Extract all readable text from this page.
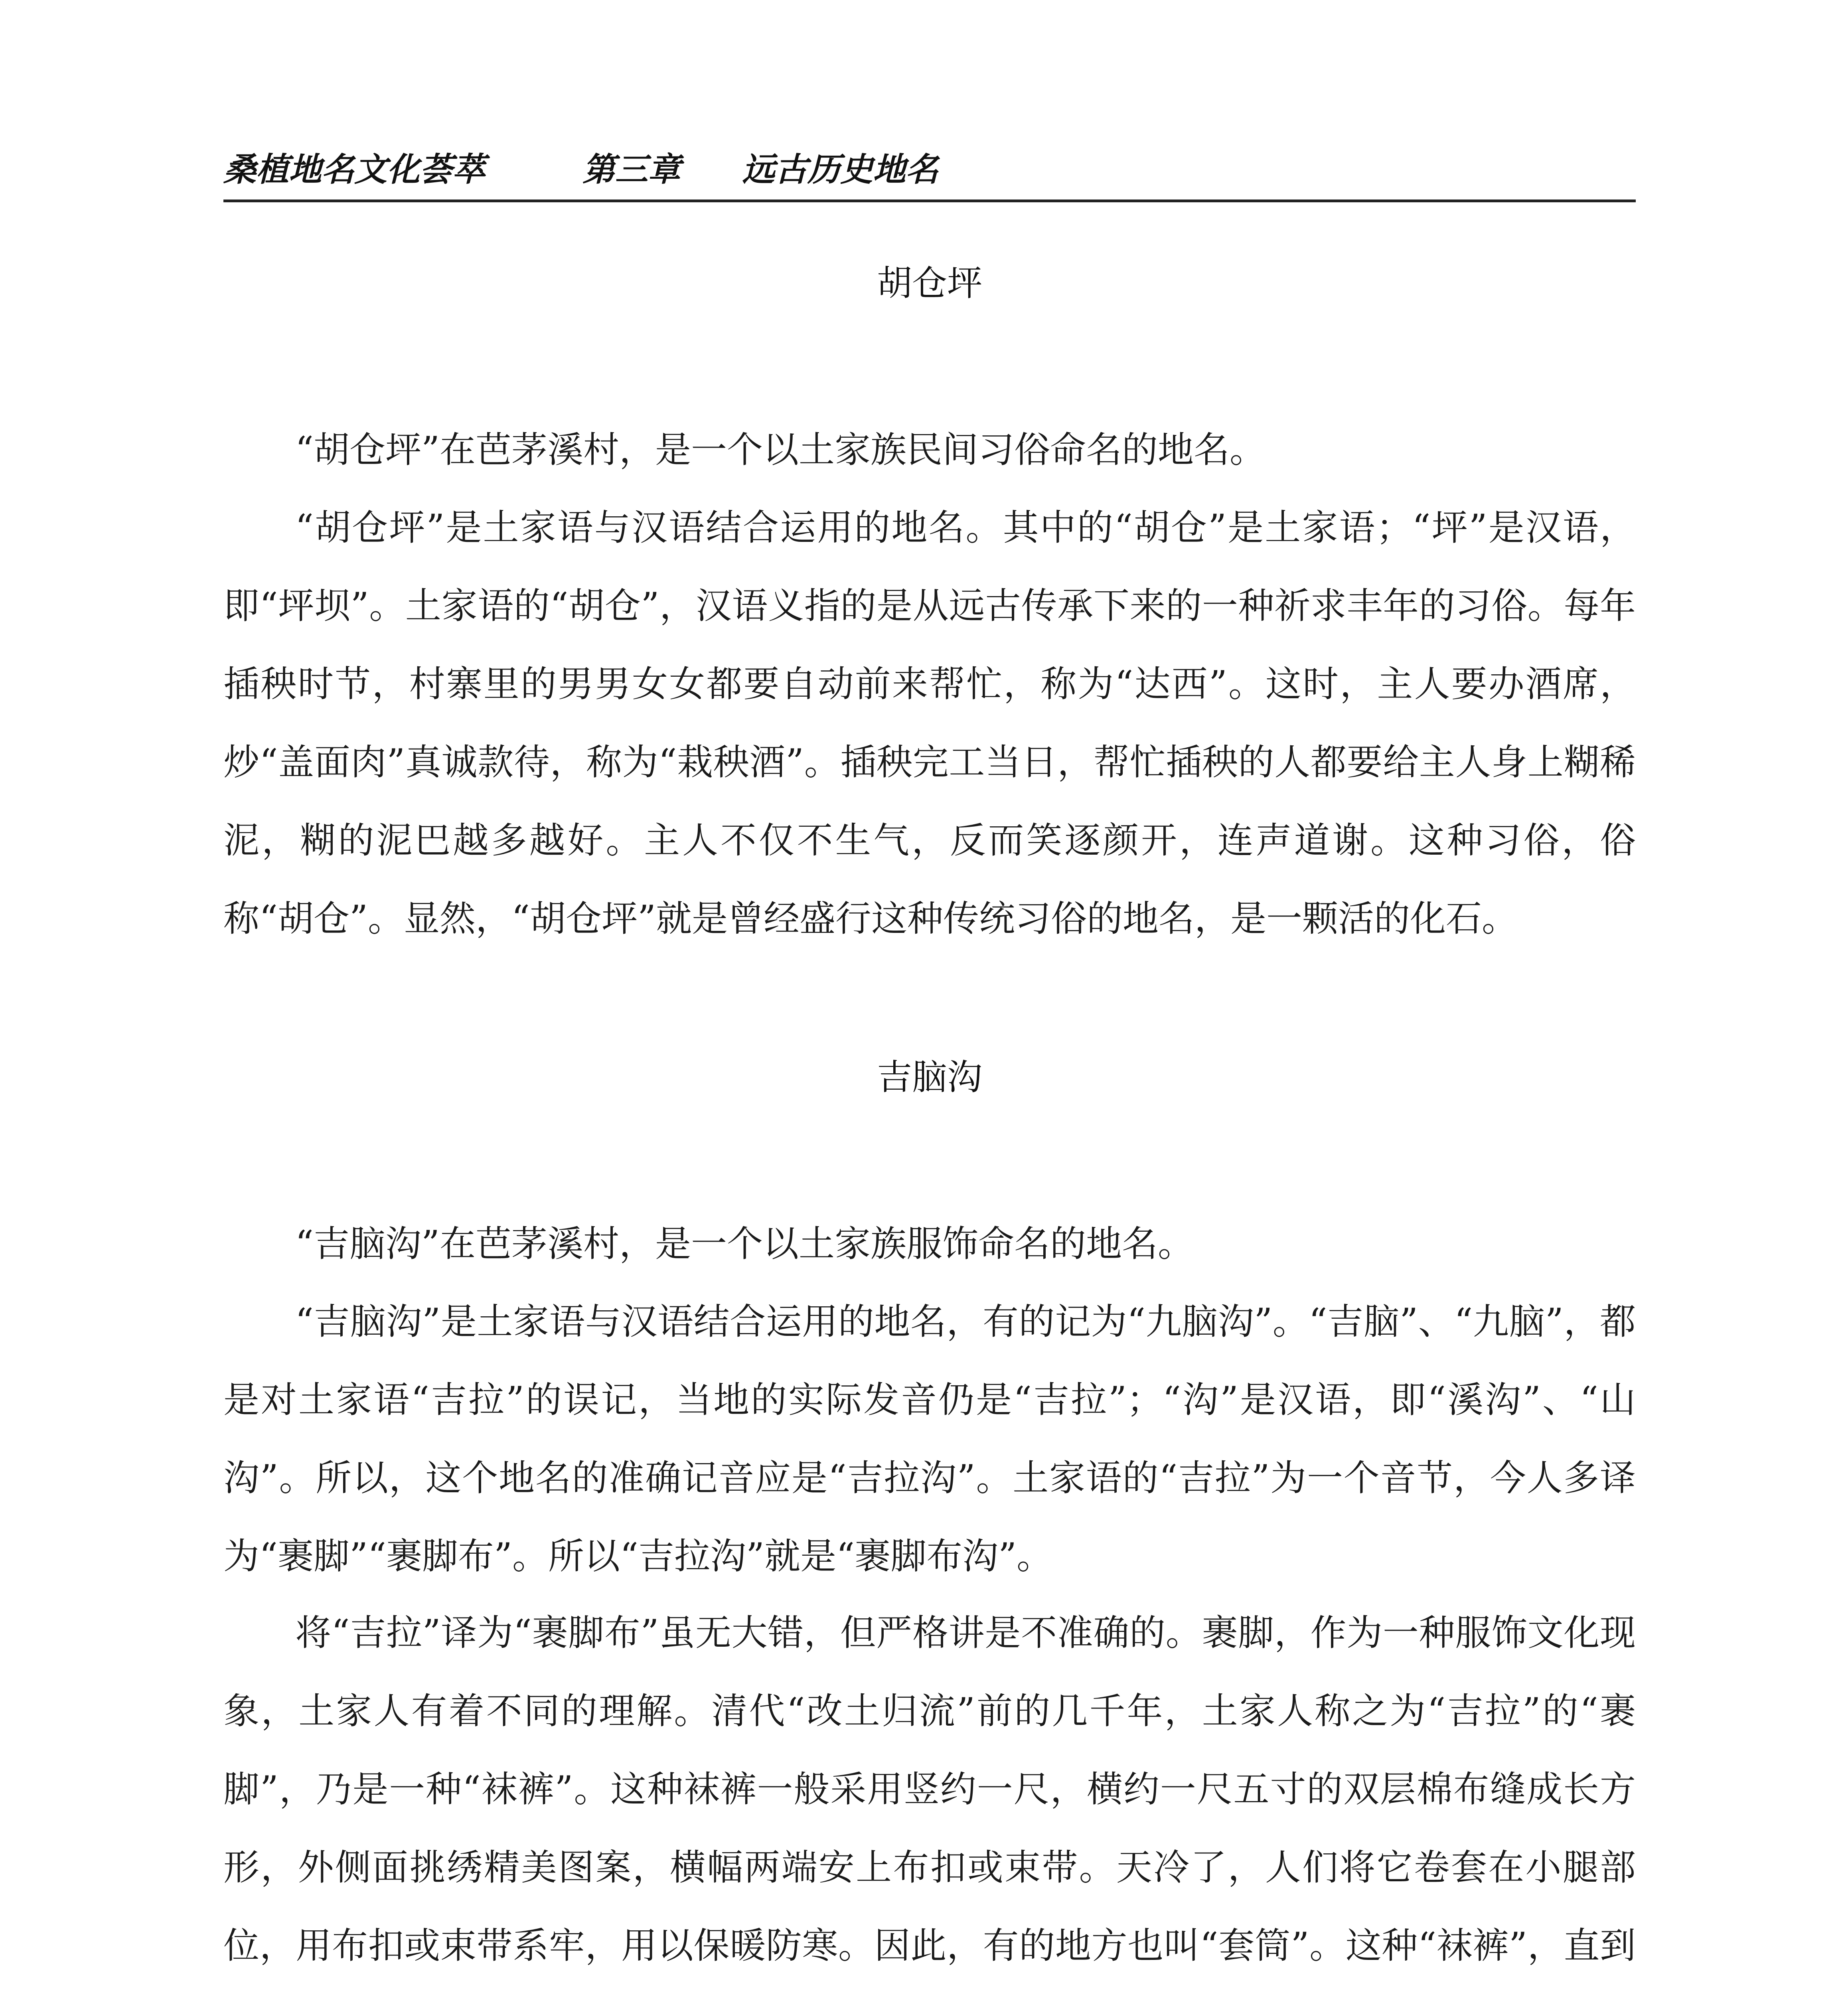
桑植地名文化荟萃	第三章 远古历史地名
胡仓坪

“胡仓坪”在芭茅溪村，是一个以土家族民间习俗命名的地名。

“胡仓坪”是土家语与汉语结合运用的地名。其中的“胡仓”是土家语；“坪”是汉语，即“坪坝”。土家语的“胡仓”，汉语义指的是从远古传承下来的一种祈求丰年的习俗。每年插秧时节，村寨里的男男女女都要自动前来帮忙，称为“达西”。这时，主人要办酒席，炒“盖面肉”真诚款待，称为“栽秧酒”。插秧完工当日，帮忙插秧的人都要给主人身上糊稀泥，糊的泥巴越多越好。主人不仅不生气，反而笑逐颜开，连声道谢。这种习俗，俗称“胡仓”。显然，“胡仓坪”就是曾经盛行这种传统习俗的地名，是一颗活的化石。

吉脑沟

“吉脑沟”在芭茅溪村，是一个以土家族服饰命名的地名。

“吉脑沟”是土家语与汉语结合运用的地名，有的记为“九脑沟”。“吉脑”、“九脑”，都是对土家语“吉拉”的误记，当地的实际发音仍是“吉拉”；“沟”是汉语，即“溪沟”、“山沟”。所以，这个地名的准确记音应是“吉拉沟”。土家语的“吉拉”为一个音节，今人多译为“裹脚”“裹脚布”。所以“吉拉沟”就是“裹脚布沟”。

将“吉拉”译为“裹脚布”虽无大错，但严格讲是不准确的。裹脚，作为一种服饰文化现象，土家人有着不同的理解。清代“改土归流”前的几千年，土家人称之为“吉拉”的“裹脚”，乃是一种“袜裤”。这种袜裤一般采用竖约一尺，横约一尺五寸的双层棉布缝成长方形，外侧面挑绣精美图案，横幅两端安上布扣或束带。天冷了，人们将它卷套在小腿部位，用布扣或束带系牢，用以保暖防寒。因此，有的地方也叫“套筒”。这种“袜裤”，直到
